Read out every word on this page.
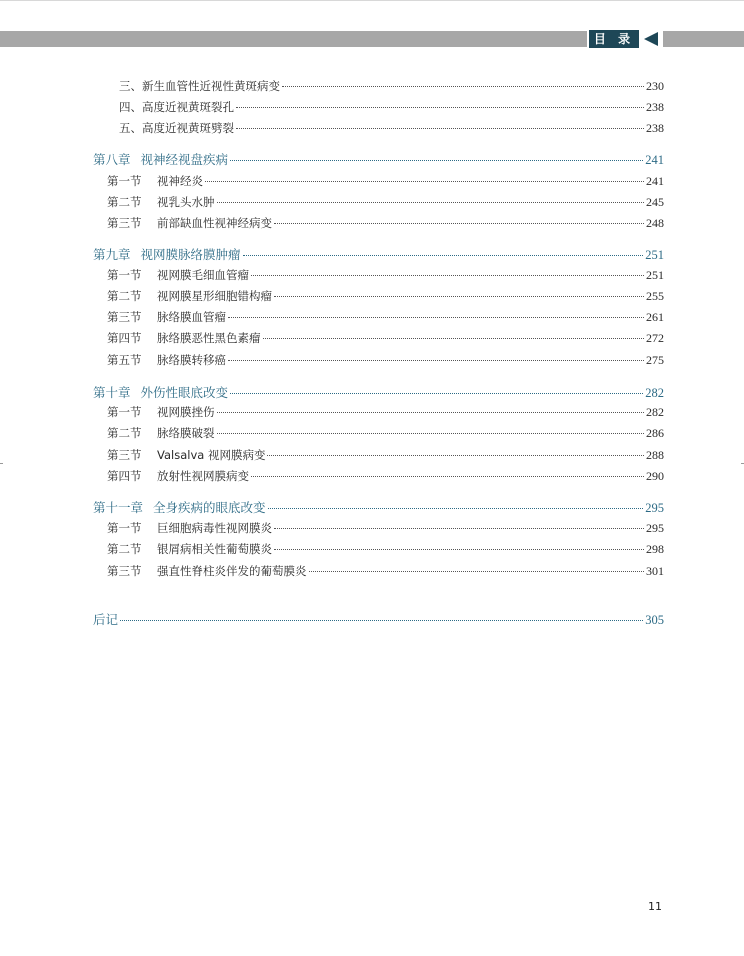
目 录
三、新生血管性近视性黄斑病变	230
四、高度近视黄斑裂孔	238
五、高度近视黄斑劈裂	238
第八章 视神经视盘疾病	241
第一节	视神经炎	241
第二节	视乳头水肿	245
第三节	前部缺血性视神经病变	248
第九章 视网膜脉络膜肿瘤	251
第一节	视网膜毛细血管瘤	251
第二节	视网膜星形细胞错构瘤	255
第三节	脉络膜血管瘤	261
第四节	脉络膜恶性黑色素瘤	272
第五节	脉络膜转移癌	275
第十章 外伤性眼底改变	282
第一节	视网膜挫伤	282
第二节	脉络膜破裂	286
第三节	Valsalva 视网膜病变	288
第四节	放射性视网膜病变	290
第十一章 全身疾病的眼底改变	295
第一节	巨细胞病毒性视网膜炎	295
第二节	银屑病相关性葡萄膜炎	298
第三节	强直性脊柱炎伴发的葡萄膜炎	301
后记	305
11
